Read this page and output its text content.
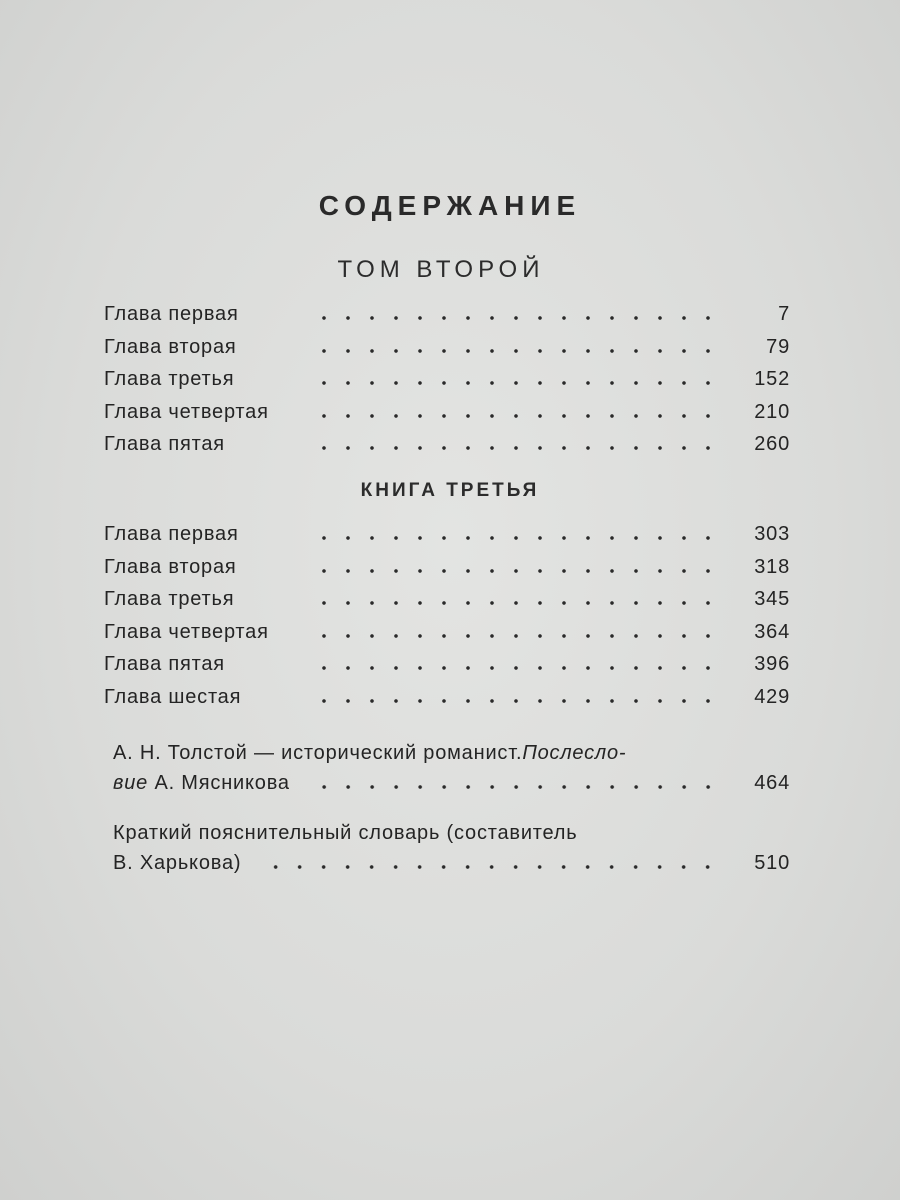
СОДЕРЖАНИЕ
ТОМ ВТОРОЙ
Глава первая	7
Глава вторая	79
Глава третья	152
Глава четвертая	210
Глава пятая	260
КНИГА ТРЕТЬЯ
Глава первая	303
Глава вторая	318
Глава третья	345
Глава четвертая	364
Глава пятая	396
Глава шестая	429
А. Н. Толстой — исторический романист. Послесло-
вие А. Мясникова	464
Краткий пояснительный словарь (составитель
В. Харькова)	510
